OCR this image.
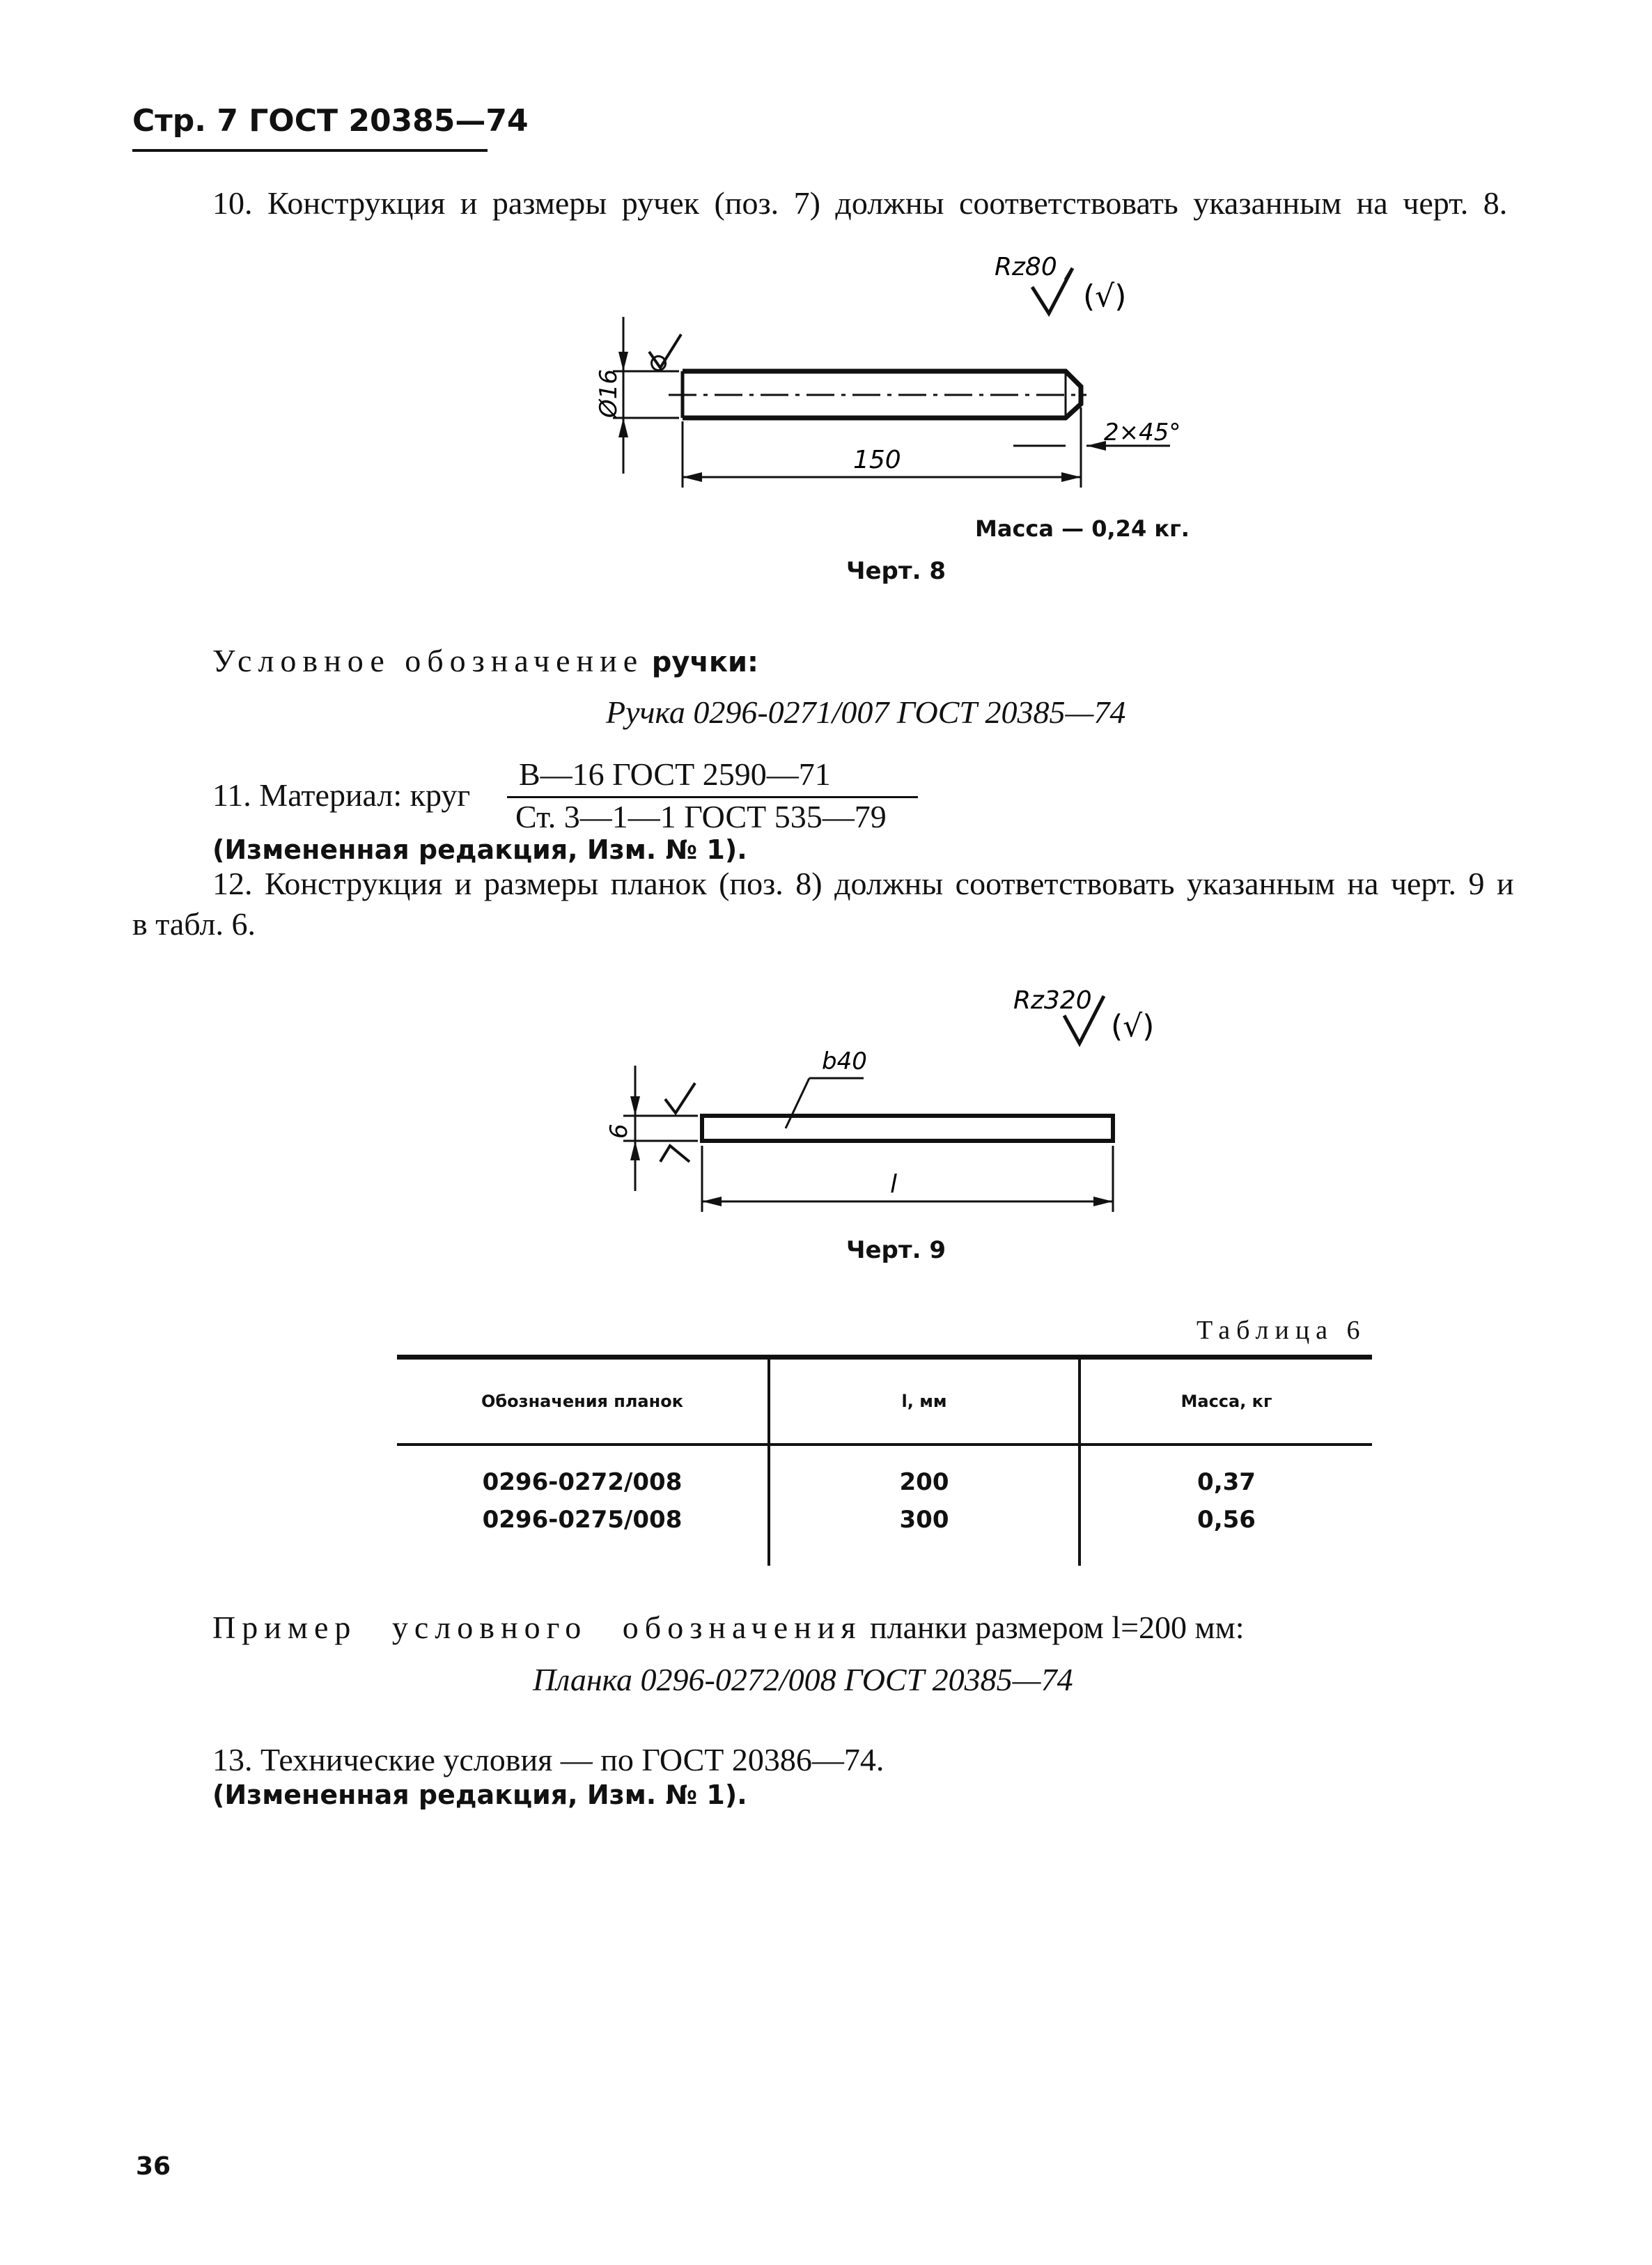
Стр. 7 ГОСТ 20385—74
10. Конструкция и размеры ручек (поз. 7) должны соответствовать указанным на черт. 8.
Rz80
(√)
Ø16
150
2×45°
Масса — 0,24 кг.
Черт. 8
Условное обозначение ручки:
Ручка 0296-0271/007 ГОСТ 20385—74
11. Материал: круг
В—16 ГОСТ 2590—71
Ст. 3—1—1 ГОСТ 535—79
(Измененная редакция, Изм. № 1).
12. Конструкция и размеры планок (поз. 8) должны соответствовать указанным на черт. 9 и
в табл. 6.
Rz320
(√)
b40
6
l
Черт. 9
Таблица 6
Обозначения планок	l, мм	Масса, кг
0296-0272/008	200	0,37
0296-0275/008	300	0,56
Пример условного обозначения планки размером l=200 мм:
Планка 0296-0272/008 ГОСТ 20385—74
13. Технические условия — по ГОСТ 20386—74.
(Измененная редакция, Изм. № 1).
36
